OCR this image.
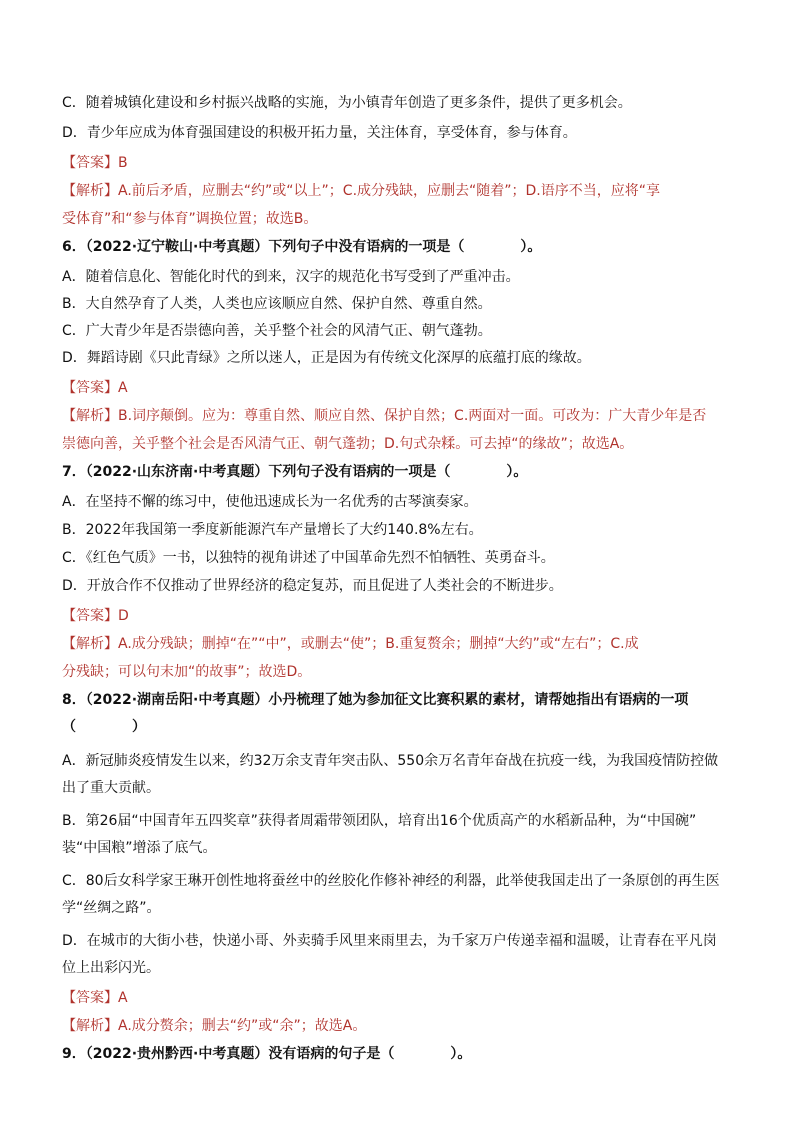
C．随着城镇化建设和乡村振兴战略的实施，为小镇青年创造了更多条件，提供了更多机会。
D．青少年应成为体育强国建设的积极开拓力量，关注体育，享受体育，参与体育。
【答案】B
【解析】A.前后矛盾，应删去“约”或“以上”；C.成分残缺，应删去“随着”；D.语序不当，应将“享
受体育”和“参与体育”调换位置；故选B。
6．（2022·辽宁鞍山·中考真题）下列句子中没有语病的一项是（　　　　）。
A．随着信息化、智能化时代的到来，汉字的规范化书写受到了严重冲击。
B．大自然孕育了人类，人类也应该顺应自然、保护自然、尊重自然。
C．广大青少年是否崇德向善，关乎整个社会的风清气正、朝气蓬勃。
D．舞蹈诗剧《只此青绿》之所以迷人，正是因为有传统文化深厚的底蕴打底的缘故。
【答案】A
【解析】B.词序颠倒。应为：尊重自然、顺应自然、保护自然；C.两面对一面。可改为：广大青少年是否
崇德向善，关乎整个社会是否风清气正、朝气蓬勃；D.句式杂糅。可去掉“的缘故”；故选A。
7．（2022·山东济南·中考真题）下列句子没有语病的一项是（　　　　）。
A．在坚持不懈的练习中，使他迅速成长为一名优秀的古琴演奏家。
B．2022年我国第一季度新能源汽车产量增长了大约140.8%左右。
C．《红色气质》一书，以独特的视角讲述了中国革命先烈不怕牺牲、英勇奋斗。
D．开放合作不仅推动了世界经济的稳定复苏，而且促进了人类社会的不断进步。
【答案】D
【解析】A.成分残缺；删掉“在”“中”，或删去“使”；B.重复赘余；删掉“大约”或“左右”；C.成
分残缺；可以句末加“的故事”；故选D。
8．（2022·湖南岳阳·中考真题）小丹梳理了她为参加征文比赛积累的素材，请帮她指出有语病的一项
（　　　　）
A．新冠肺炎疫情发生以来，约32万余支青年突击队、550余万名青年奋战在抗疫一线，为我国疫情防控做
出了重大贡献。
B．第26届“中国青年五四奖章”获得者周霜带领团队，培育出16个优质高产的水稻新品种，为“中国碗”
装“中国粮”增添了底气。
C．80后女科学家王琳开创性地将蚕丝中的丝胶化作修补神经的利器，此举使我国走出了一条原创的再生医
学“丝绸之路”。
D．在城市的大街小巷，快递小哥、外卖骑手风里来雨里去，为千家万户传递幸福和温暖，让青春在平凡岗
位上出彩闪光。
【答案】A
【解析】A.成分赘余；删去“约”或“余”；故选A。
9．（2022·贵州黔西·中考真题）没有语病的句子是（　　　　）。
